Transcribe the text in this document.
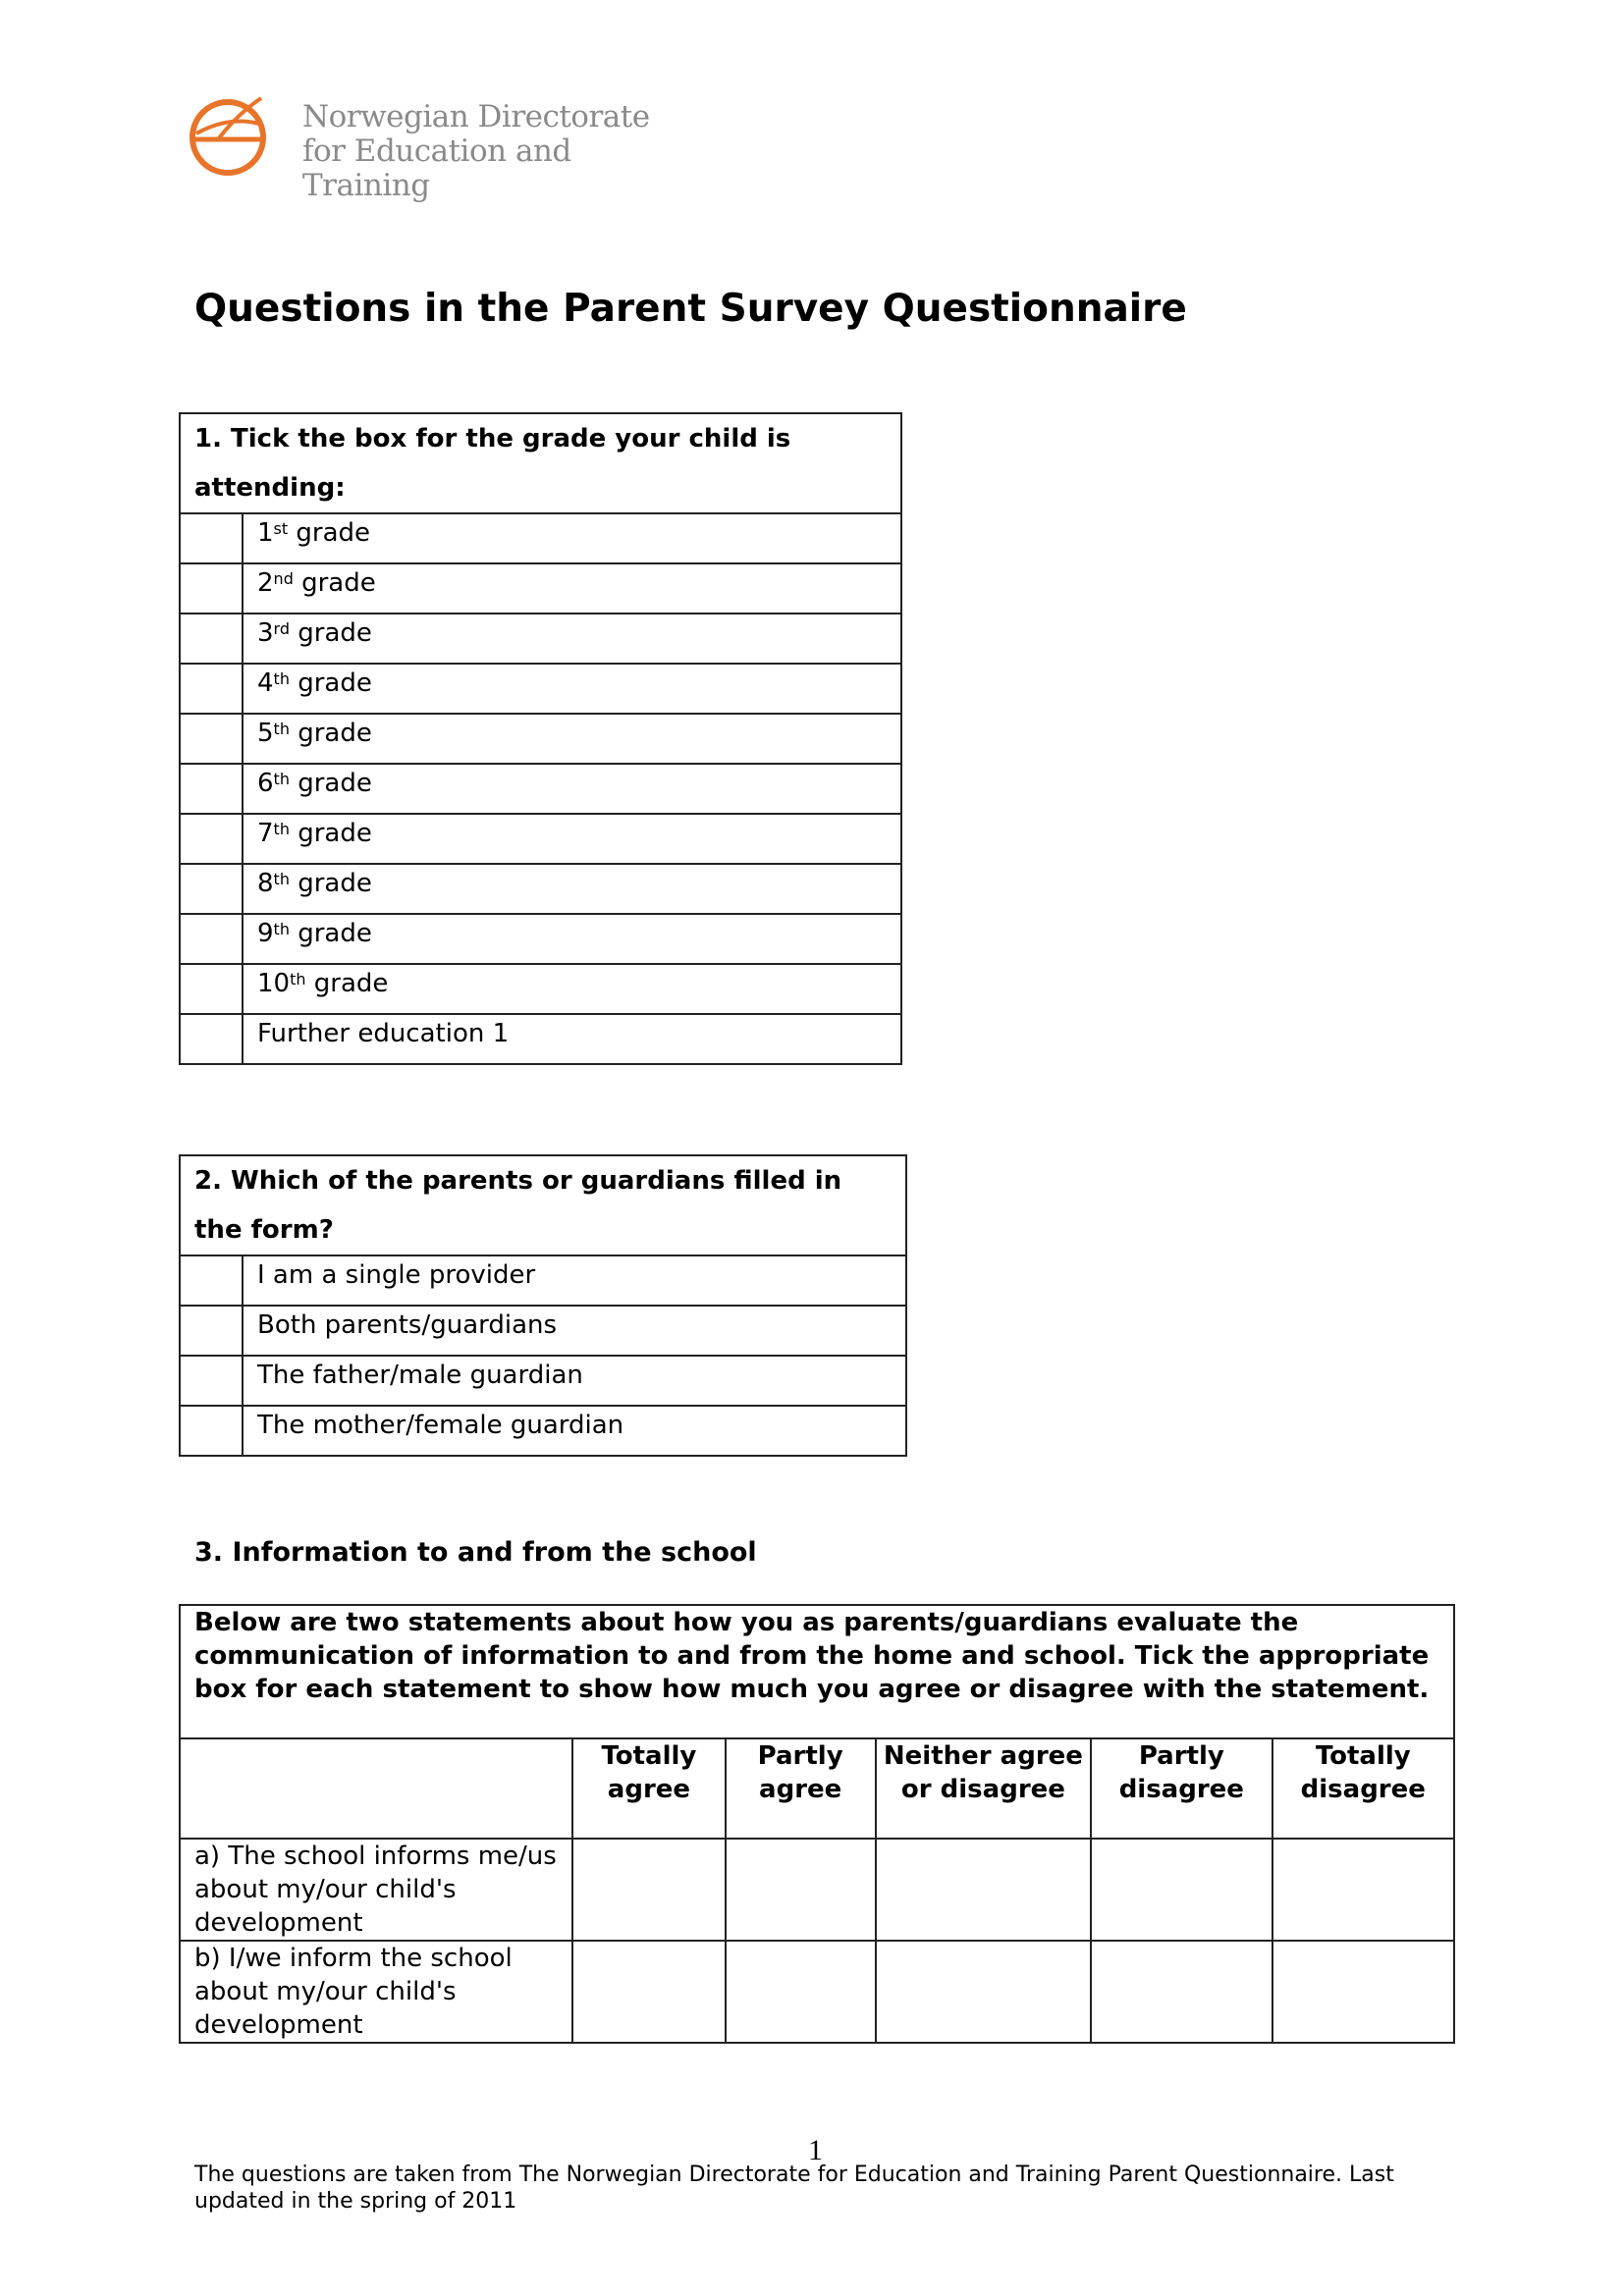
Norwegian Directorate
for Education and Training
Questions in the Parent Survey Questionnaire
1. Tick the box for the grade your child is attending:	
	1st grade
	2nd grade
	3rd grade
	4th grade
	5th grade
	6th grade
	7th grade
	8th grade
	9th grade
	10th grade
	Further education 1
2. Which of the parents or guardians filled in the form?	
	I am a single provider
	Both parents/guardians
	The father/male guardian
	The mother/female guardian
3. Information to and from the school
Below are two statements about how you as parents/guardians evaluate the communication of information to and from the home and school. Tick the appropriate box for each statement to show how much you agree or disagree with the statement.					
	Totally agree	Partly agree	Neither agree or disagree	Partly disagree	Totally disagree
a) The school informs me/us about my/our child's development					
b) I/we inform the school about my/our child's development					
1
The questions are taken from The Norwegian Directorate for Education and Training Parent Questionnaire. Last updated in the spring of 2011
